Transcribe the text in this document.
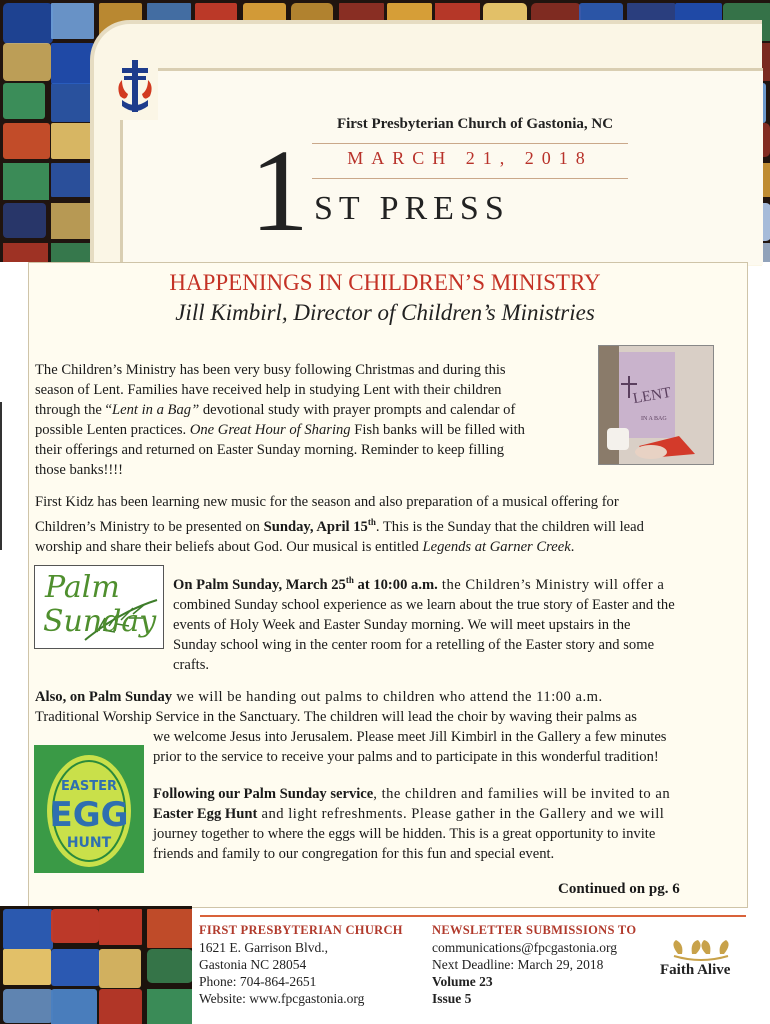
First Presbyterian Church of Gastonia, NC
MARCH 21, 2018
1 ST PRESS
HAPPENINGS IN CHILDREN’S MINISTRY
Jill Kimbirl, Director of Children’s Ministries
The Children’s Ministry has been very busy following Christmas and during this
season of Lent. Families have received help in studying Lent with their children
through the “Lent in a Bag” devotional study with prayer prompts and calendar of
possible Lenten practices. One Great Hour of Sharing Fish banks will be filled with
their offerings and returned on Easter Sunday morning. Reminder to keep filling
those banks!!!!
LENT
IN A BAG
First Kidz has been learning new music for the season and also preparation of a musical offering for
Children’s Ministry to be presented on Sunday, April 15th. This is the Sunday that the children will lead
worship and share their beliefs about God. Our musical is entitled Legends at Garner Creek.
Palm
Sunday
On Palm Sunday, March 25th at 10:00 a.m. the Children’s Ministry will offer a
combined Sunday school experience as we learn about the true story of Easter and the
events of Holy Week and Easter Sunday morning. We will meet upstairs in the
Sunday school wing in the center room for a retelling of the Easter story and some
crafts.
Also, on Palm Sunday we will be handing out palms to children who attend the 11:00 a.m.
Traditional Worship Service in the Sanctuary. The children will lead the choir by waving their palms as
we welcome Jesus into Jerusalem. Please meet Jill Kimbirl in the Gallery a few minutes
prior to the service to receive your palms and to participate in this wonderful tradition!
EASTER
EGG
HUNT
Following our Palm Sunday service, the children and families will be invited to an
Easter Egg Hunt and light refreshments. Please gather in the Gallery and we will
journey together to where the eggs will be hidden. This is a great opportunity to invite
friends and family to our congregation for this fun and special event.
Continued on pg. 6
FIRST PRESBYTERIAN CHURCH
1621 E. Garrison Blvd.,
Gastonia NC 28054
Phone: 704-864-2651
Website: www.fpcgastonia.org
NEWSLETTER SUBMISSIONS TO
communications@fpcgastonia.org
Next Deadline: March 29, 2018
Volume 23
Issue 5
Faith Alive
